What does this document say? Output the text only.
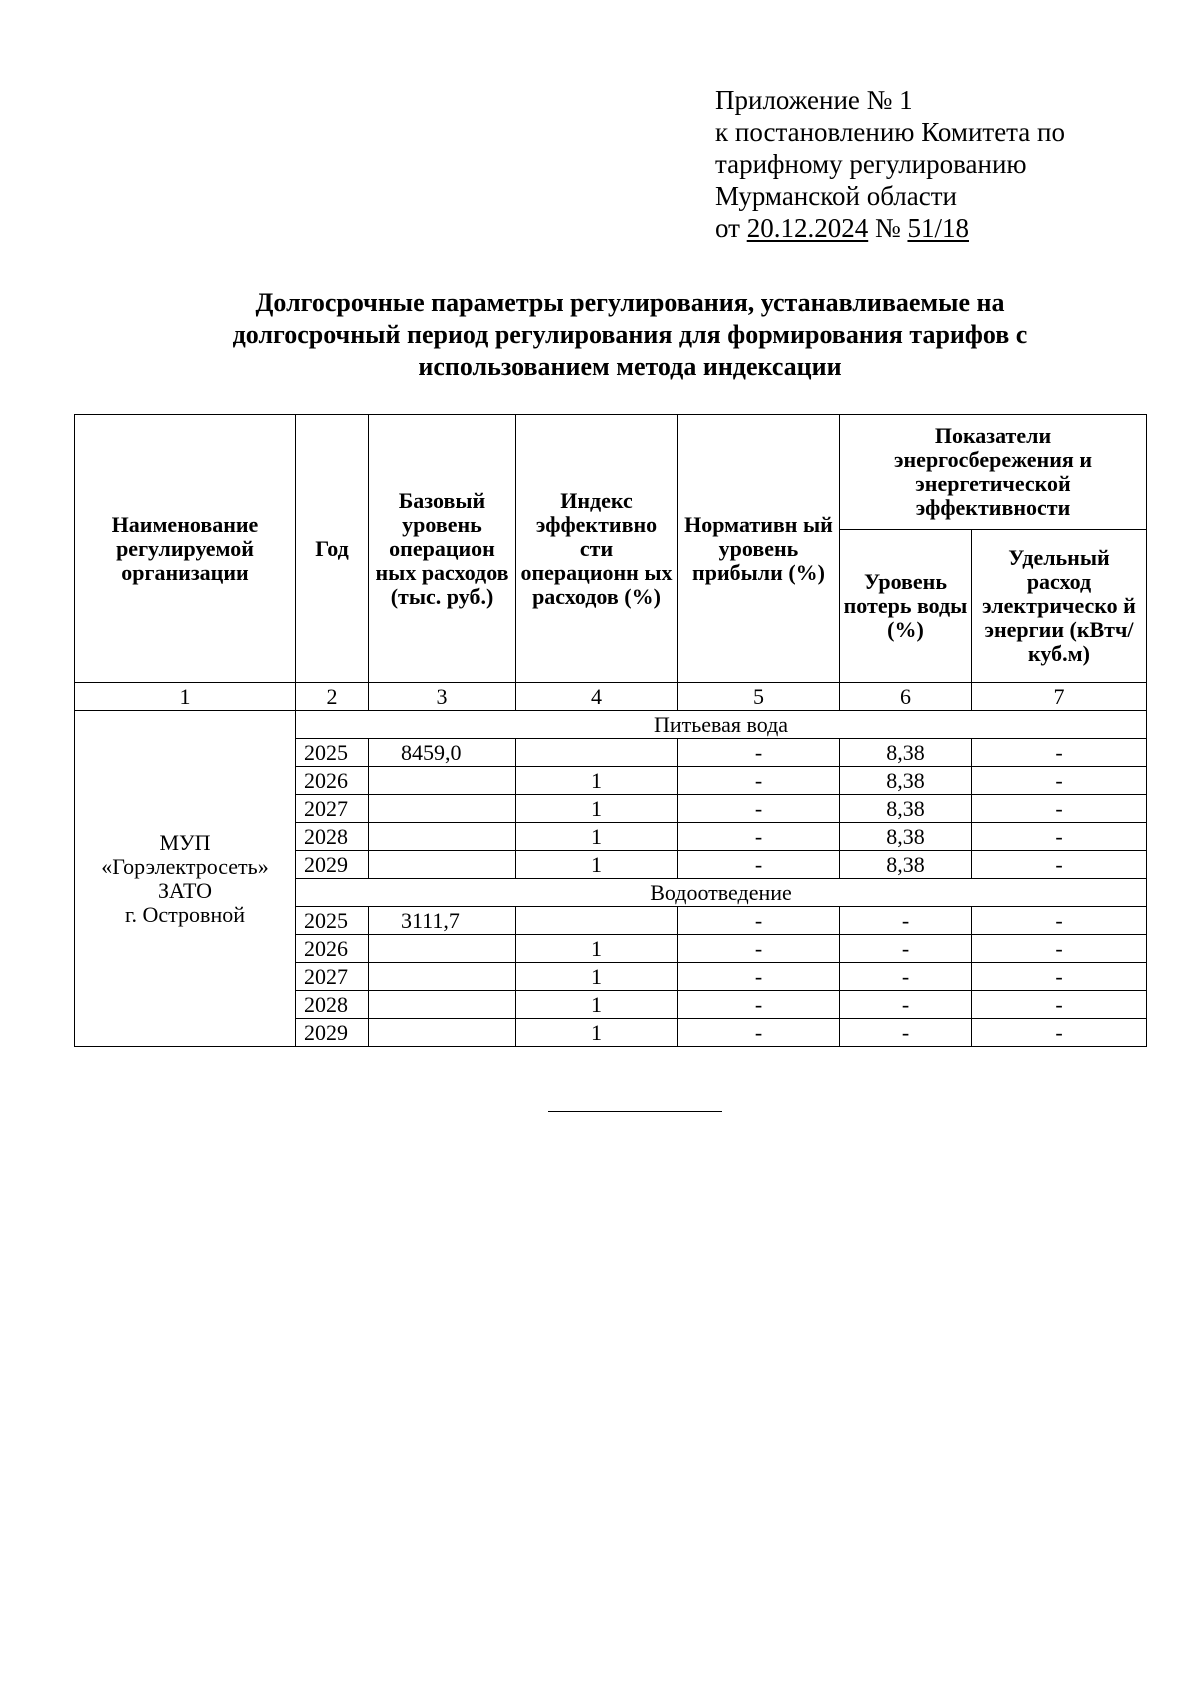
Приложение № 1
к постановлению Комитета по
тарифному регулированию
Мурманской области
от 20.12.2024 № 51/18
Долгосрочные параметры регулирования, устанавливаемые на
долгосрочный период регулирования для формирования тарифов с
использованием метода индексации
Наименование регулируемой организации	Год	Базовый уровень операцион ных расходов (тыс. руб.)	Индекс эффективно сти операционн ых расходов (%)	Нормативн ый уровень прибыли (%)	Показатели энергосбережения и энергетической эффективности	
					Уровень потерь воды (%)	Удельный расход электрическо й энергии (кВтч/куб.м)
1	2	3	4	5	6	7

МУП
«Горэлектросеть»
ЗАТО
г. Островной	Питьевая вода					
	2025	8459,0		-	8,38	-
	2026		1	-	8,38	-
	2027		1	-	8,38	-
	2028		1	-	8,38	-
	2029		1	-	8,38	-
	Водоотведение					
	2025	3111,7		-	-	-
	2026		1	-	-	-
	2027		1	-	-	-
	2028		1	-	-	-
	2029		1	-	-	-
